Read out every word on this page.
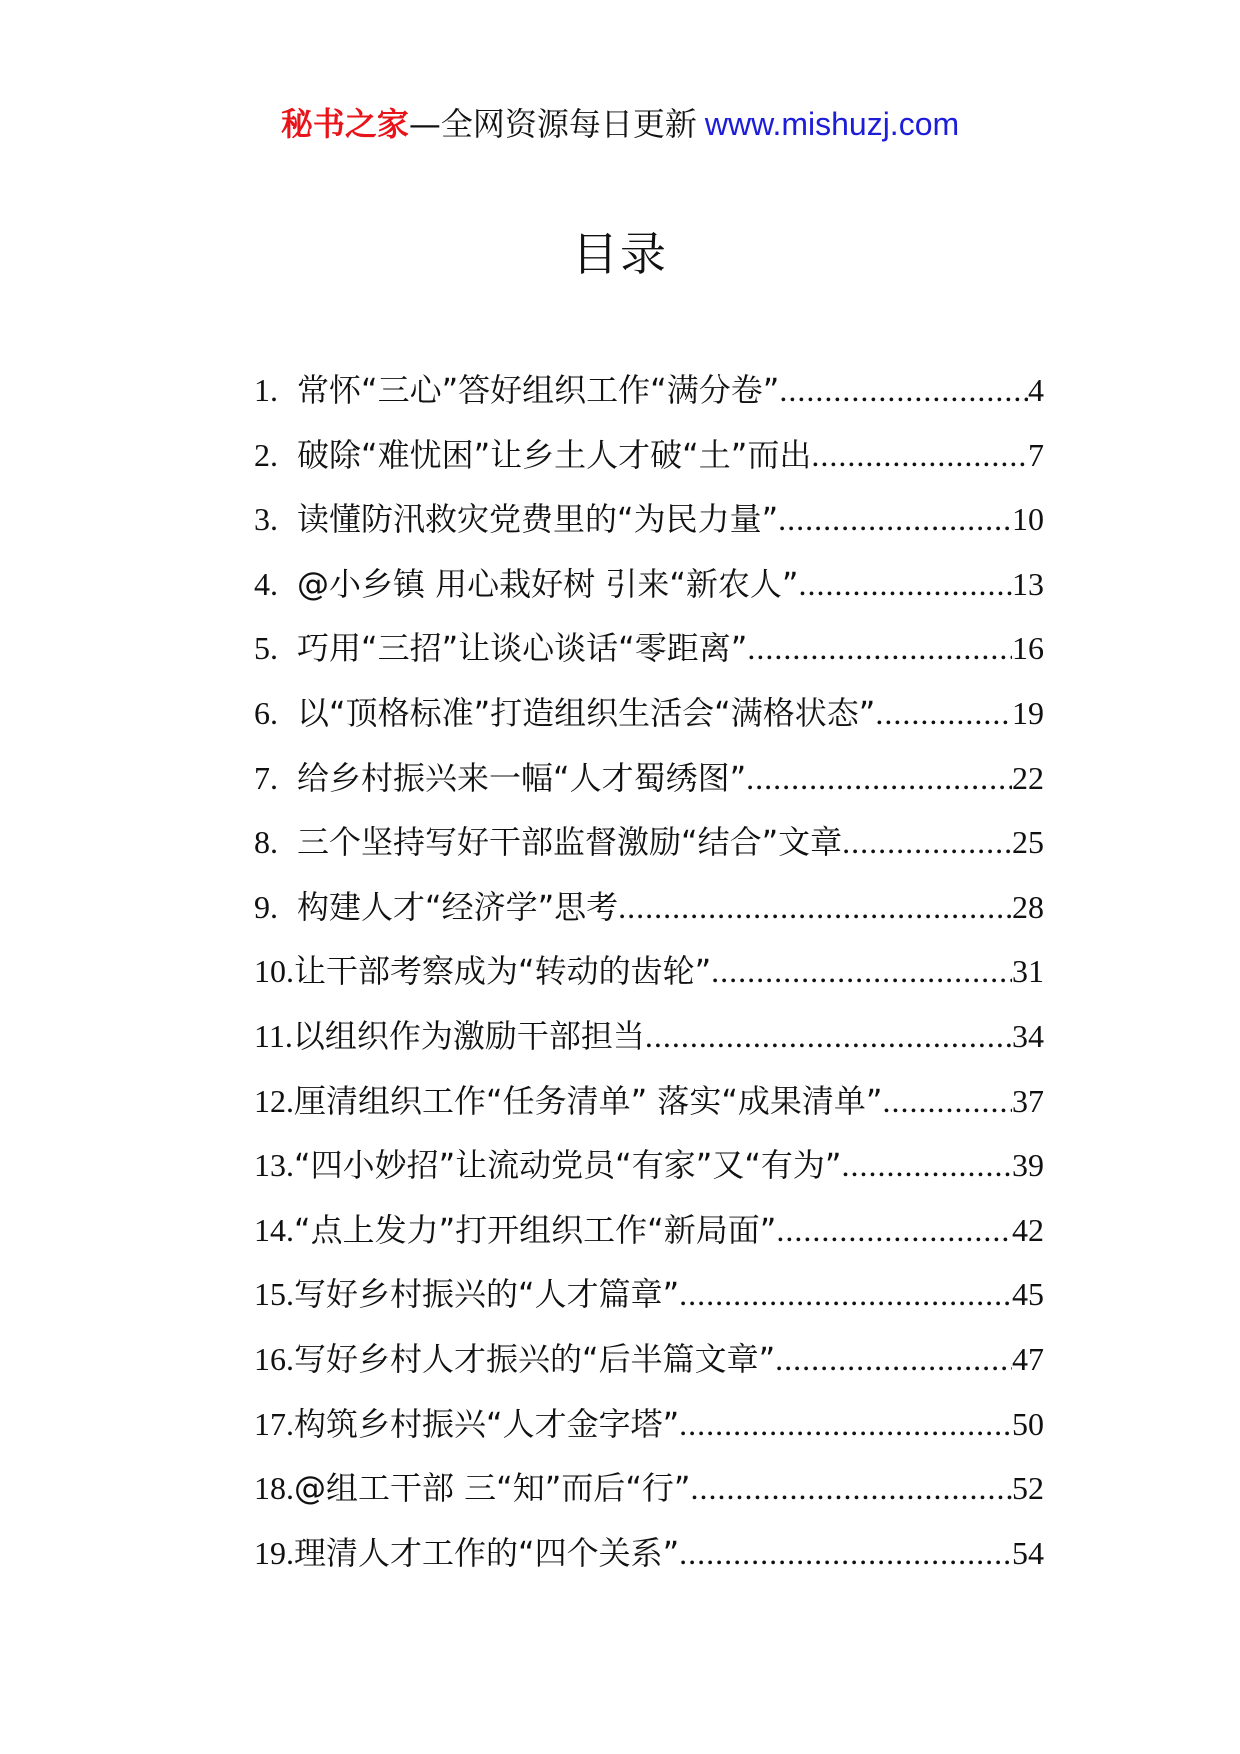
秘书之家—全网资源每日更新 www.mishuzj.com
目录
1. 常怀“三心”答好组织工作“满分卷” .....	4
2. 破除“难忧困”让乡土人才破“土”而出 .....	7
3. 读懂防汛救灾党费里的“为民力量” .....	10
4. @小乡镇 用心栽好树 引来“新农人” .....	13
5. 巧用“三招”让谈心谈话“零距离” .....	16
6. 以“顶格标准”打造组织生活会“满格状态” .....	19
7. 给乡村振兴来一幅“人才蜀绣图” .....	22
8. 三个坚持写好干部监督激励“结合”文章 .....	25
9. 构建人才“经济学”思考 .....	28
10. 让干部考察成为“转动的齿轮” .....	31
11. 以组织作为激励干部担当 .....	34
12. 厘清组织工作“任务清单” 落实“成果清单” .....	37
13. “四小妙招”让流动党员“有家”又“有为” .....	39
14. “点上发力”打开组织工作“新局面” .....	42
15. 写好乡村振兴的“人才篇章” .....	45
16. 写好乡村人才振兴的“后半篇文章” .....	47
17. 构筑乡村振兴“人才金字塔” .....	50
18. @组工干部 三“知”而后“行” .....	52
19. 理清人才工作的“四个关系” .....	54
